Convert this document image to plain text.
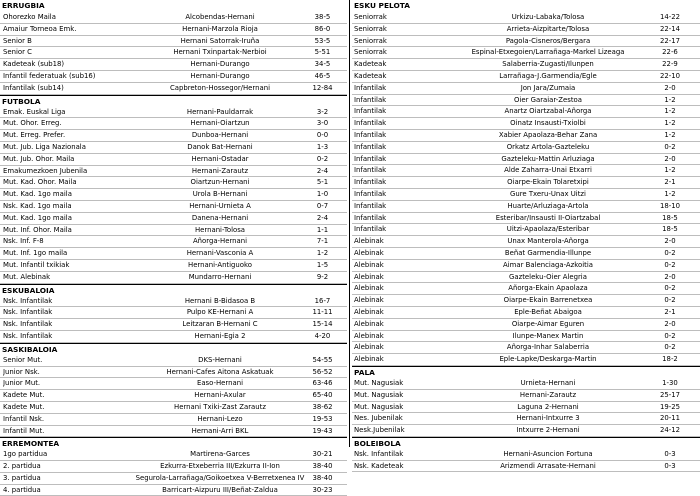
ERRUGBIA
Ohorezko Maila	Alcobendas-Hernani	38-5
Amaiur Torneoa Emk.	Hernani-Marzola Rioja	86-0
Senior B	Hernani Satorrak-Iruña	53-5
Senior C	Hernani Txinpartak-Nerbioi	5-51
Kadeteak (sub18)	Hernani-Durango	34-5
Infantil federatuak (sub16)	Hernani-Durango	46-5
Infantilak (sub14)	Capbreton-Hossegor/Hernani	12-84
FUTBOLA
Emak. Euskal Liga	Hernani-Pauldarrak	3-2
Mut. Ohor. Erreg.	Hernani-Oiartzun	3-0
Mut. Erreg. Prefer.	Dunboa-Hernani	0-0
Mut. Jub. Liga Nazionala	Danok Bat-Hernani	1-3
Mut. Jub. Ohor. Maila	Hernani-Ostadar	0-2
Emakumezkoen Jubenila	Hernani-Zarautz	2-4
Mut. Kad. Ohor. Maila	Oiartzun-Hernani	5-1
Mut. Kad. 1go maila	Urola B-Hernani	1-0
Nsk. Kad. 1go maila	Hernani-Urnieta A	0-7
Mut. Kad. 1go maila	Danena-Hernani	2-4
Mut. Inf. Ohor. Maila	Hernani-Tolosa	1-1
Nsk. Inf. F-8	Añorga-Hernani	7-1
Mut. Inf. 1go maila	Hernani-Vasconia A	1-2
Mut. Infantil txikiak	Hernani-Antiguoko	1-5
Mut. Alebinak	Mundarro-Hernani	9-2
ESKUBALOIA
Nsk. Infantilak	Hernani B-Bidasoa B	16-7
Nsk. Infantilak	Pulpo KE-Hernani A	11-11
Nsk. Infantilak	Leitzaran B-Hernani C	15-14
Nsk. Infantilak	Hernani-Egia 2	4-20
SASKIBALOIA
Senior Mut.	DKS-Hernani	54-55
Junior Nsk.	Hernani-Cafes Aitona Askatuak	56-52
Junior Mut.	Easo-Hernani	63-46
Kadete Mut.	Hernani-Axular	65-40
Kadete Mut.	Hernani Txiki-Zast Zarautz	38-62
Infantil Nsk.	Hernani-Lezo	19-53
Infantil Mut.	Hernani-Arri BKL	19-43
ERREMONTEA
1go partidua	Martirena-Garces	30-21
2. partidua	Ezkurra-Etxeberria III/Ezkurra II-Ion	38-40
3. partidua	Segurola-Larrañaga/Goikoetxea V-Berretxenea IV	38-40
4. partidua	Barricart-Aizpuru III/Beñat-Zaldua	30-23
ESKU PELOTA
Seniorrak	Urkizu-Labaka/Tolosa	14-22
Seniorrak	Arrieta-Aizpitarte/Tolosa	22-14
Seniorrak	Pagola-Cisneros/Bergara	22-17
Seniorrak	Espinal-Etxegoien/Larrañaga-Markel Lizeaga	22-6
Kadeteak	Salaberria-Zugasti/Ilunpen	22-9
Kadeteak	Larrañaga-J.Garmendia/Egle	22-10
Infantilak	Jon Jara/Zumaia	2-0
Infantilak	Oier Garaiar-Zestoa	1-2
Infantilak	Anartz Oiartzabal-Añorga	1-2
Infantilak	Oinatz Insausti-Txiolbi	1-2
Infantilak	Xabier Apaolaza-Behar Zana	1-2
Infantilak	Orkatz Artola-Gazteleku	0-2
Infantilak	Gazteleku-Mattin Arluziaga	2-0
Infantilak	Alde Zaharra-Unai Etxarri	1-2
Infantilak	Oiarpe-Ekain Tolaretxipi	2-1
Infantilak	Gure Txeru-Unax Uitzi	1-2
Infantilak	Huarte/Arluziaga-Artola	18-10
Infantilak	Esteribar/Insausti II-Oiartzabal	18-5
Infantilak	Uitzi-Apaolaza/Esteribar	18-5
Alebinak	Unax Manterola-Añorga	2-0
Alebinak	Beñat Garmendia-Illunpe	0-2
Alebinak	Aimar Balenciaga-Azkoitia	0-2
Alebinak	Gazteleku-Oier Alegria	2-0
Alebinak	Añorga-Ekain Apaolaza	0-2
Alebinak	Oiarpe-Ekain Barrenetxea	0-2
Alebinak	Eple-Beñat Abaigoa	2-1
Alebinak	Oiarpe-Aimar Eguren	2-0
Alebinak	Ilunpe-Manex Martin	0-2
Alebinak	Añorga-Inhar Salaberria	0-2
Alebinak	Eple-Lapke/Deskarga-Martin	18-2
PALA
Mut. Nagusiak	Urnieta-Hernani	1-30
Mut. Nagusiak	Hernani-Zarautz	25-17
Mut. Nagusiak	Laguna 2-Hernani	19-25
Nes. Jubenilak	Hernani-Intxurre 3	20-11
Nesk.Jubenilak	Intxurre 2-Hernani	24-12
BOLEIBOLA
Nsk. Infantilak	Hernani-Asuncion Fortuna	0-3
Nsk. Kadeteak	Arizmendi Arrasate-Hernani	0-3
